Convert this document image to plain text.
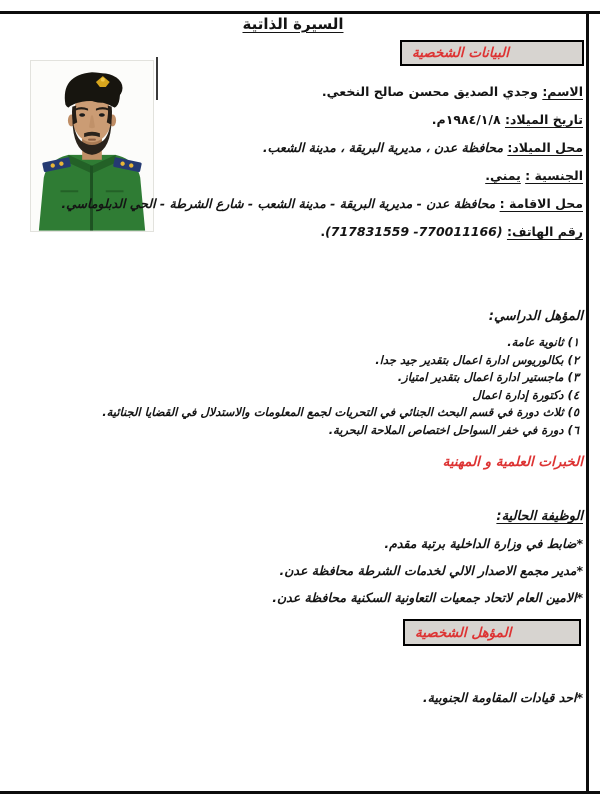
السيرة الذاتية
البيانات الشخصية
الاسم: وجدي الصديق محسن صالح النخعي.
تاريخ الميلاد: ١٩٨٤/١/٨م.
محل الميلاد: محافظة عدن ، مديرية البريقة ، مدينة الشعب.
الجنسية : يمني.
محل الاقامة : محافظة عدن - مديرية البريقة - مدينة الشعب - شارع الشرطة - الحي الدبلوماسي.
رقم الهاتف: (717831559 -770011166).
المؤهل الدراسي:
١) ثانوية عامة.
٢) بكالوريوس ادارة اعمال بتقدير جيد جدا.
٣) ماجستير ادارة اعمال بتقدير امتياز.
٤) دكتورة إدارة اعمال
٥) ثلاث دورة في قسم البحث الجنائي في التحريات لجمع المعلومات والاستدلال في القضايا الجنائية.
٦) دورة في خفر السواحل اختصاص الملاحة البحرية.
الخبرات العلمية و المهنية
الوظيفة الحالية:
*ضابط في وزارة الداخلية برتبة مقدم.
*مدير مجمع الاصدار الالي لخدمات الشرطة محافظة عدن.
*الامين العام لاتحاد جمعيات التعاونية السكنية محافظة عدن.
المؤهل الشخصية
*احد قيادات المقاومة الجنوبية.
